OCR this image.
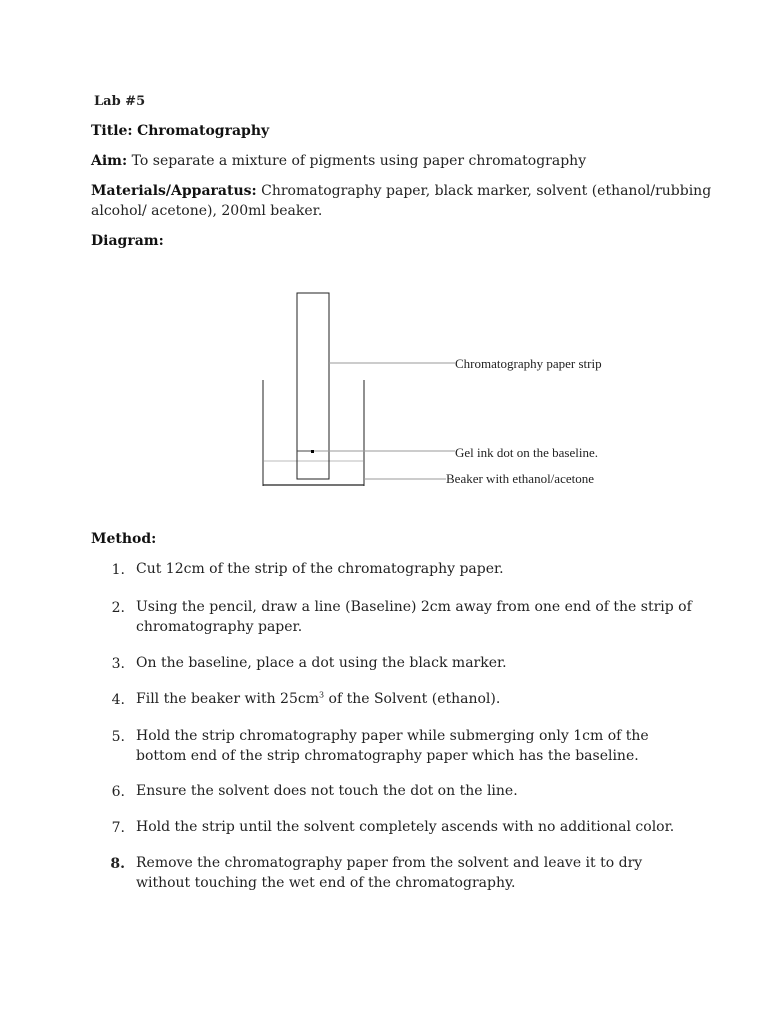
Lab #5
Title: Chromatography
Aim: To separate a mixture of pigments using paper chromatography
Materials/Apparatus: Chromatography paper, black marker, solvent (ethanol/rubbing
alcohol/ acetone), 200ml beaker.
Diagram:
Chromatography paper strip
Gel ink dot on the baseline.
Beaker with ethanol/acetone
Method:
1. Cut 12cm of the strip of the chromatography paper.
2. Using the pencil, draw a line (Baseline) 2cm away from one end of the strip of chromatography paper.
3. On the baseline, place a dot using the black marker.
4. Fill the beaker with $25cm^3$ of the Solvent (ethanol).
5. Hold the strip chromatography paper while submerging only 1cm of the bottom end of the strip chromatography paper which has the baseline.
6. Ensure the solvent does not touch the dot on the line.
7. Hold the strip until the solvent completely ascends with no additional color.
8. Remove the chromatography paper from the solvent and leave it to dry without touching the wet end of the chromatography.
